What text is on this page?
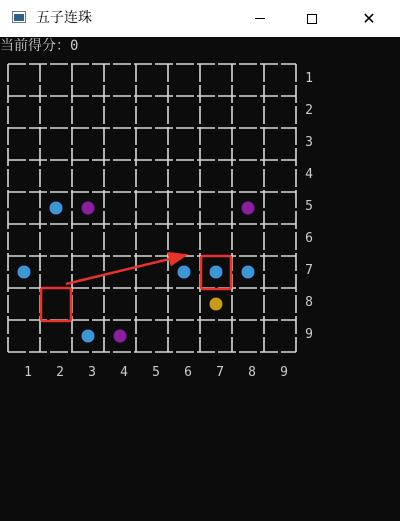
五子连珠	✕
当前得分：0
1
2
3
4
5
6
7
8
9
1 2 3 4 5 6 7 8 9
